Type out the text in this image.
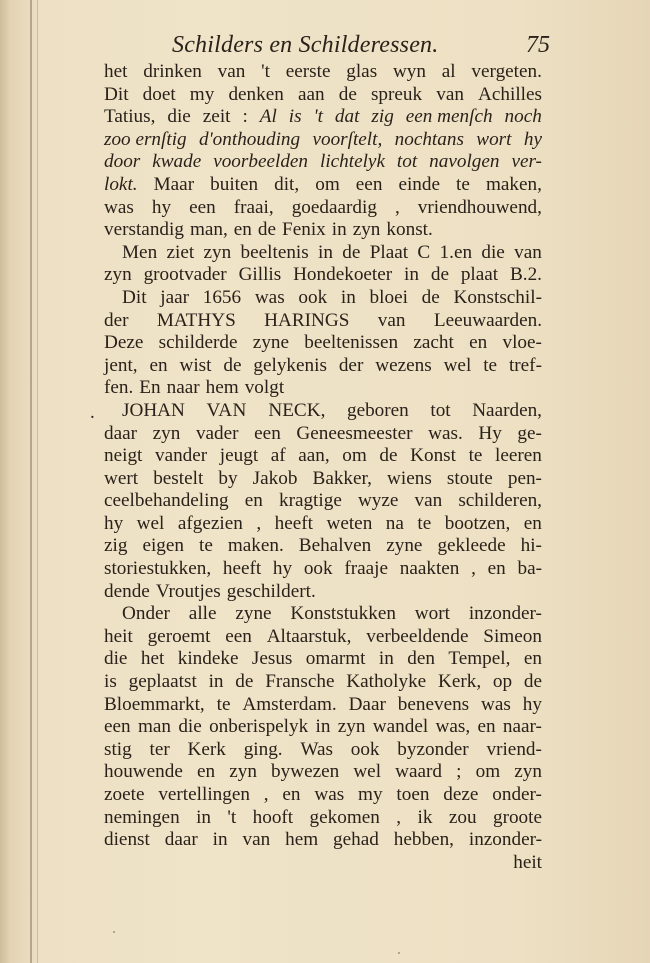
Schilders en Schilderessen.	75
.
het drinken van 't eerste glas wyn al vergeten.
Dit doet my denken aan de spreuk van Achilles
Tatius, die zeit : Al is 't dat zig een menſch noch
zoo ernſtig d'onthouding voorſtelt, nochtans wort hy
door kwade voorbeelden lichtelyk tot navolgen ver-
lokt. Maar buiten dit, om een einde te maken,
was hy een fraai, goedaardig , vriendhouwend,
verstandig man, en de Fenix in zyn konst.
Men ziet zyn beeltenis in de Plaat C 1.en die van
zyn grootvader Gillis Hondekoeter in de plaat B.2.
Dit jaar 1656 was ook in bloei de Konstschil-
der MATHYS HARINGS van Leeuwaarden.
Deze schilderde zyne beeltenissen zacht en vloe-
jent, en wist de gelykenis der wezens wel te tref-
fen. En naar hem volgt
JOHAN VAN NECK, geboren tot Naarden,
daar zyn vader een Geneesmeester was. Hy ge-
neigt vander jeugt af aan, om de Konst te leeren
wert bestelt by Jakob Bakker, wiens stoute pen-
ceelbehandeling en kragtige wyze van schilderen,
hy wel afgezien , heeft weten na te bootzen, en
zig eigen te maken. Behalven zyne gekleede hi-
storiestukken, heeft hy ook fraaje naakten , en ba-
dende Vroutjes geschildert.
Onder alle zyne Konststukken wort inzonder-
heit geroemt een Altaarstuk, verbeeldende Simeon
die het kindeke Jesus omarmt in den Tempel, en
is geplaatst in de Fransche Katholyke Kerk, op de
Bloemmarkt, te Amsterdam. Daar benevens was hy
een man die onberispelyk in zyn wandel was, en naar-
stig ter Kerk ging. Was ook byzonder vriend-
houwende en zyn bywezen wel waard ; om zyn
zoete vertellingen , en was my toen deze onder-
nemingen in 't hooft gekomen , ik zou groote
dienst daar in van hem gehad hebben, inzonder-
heit
